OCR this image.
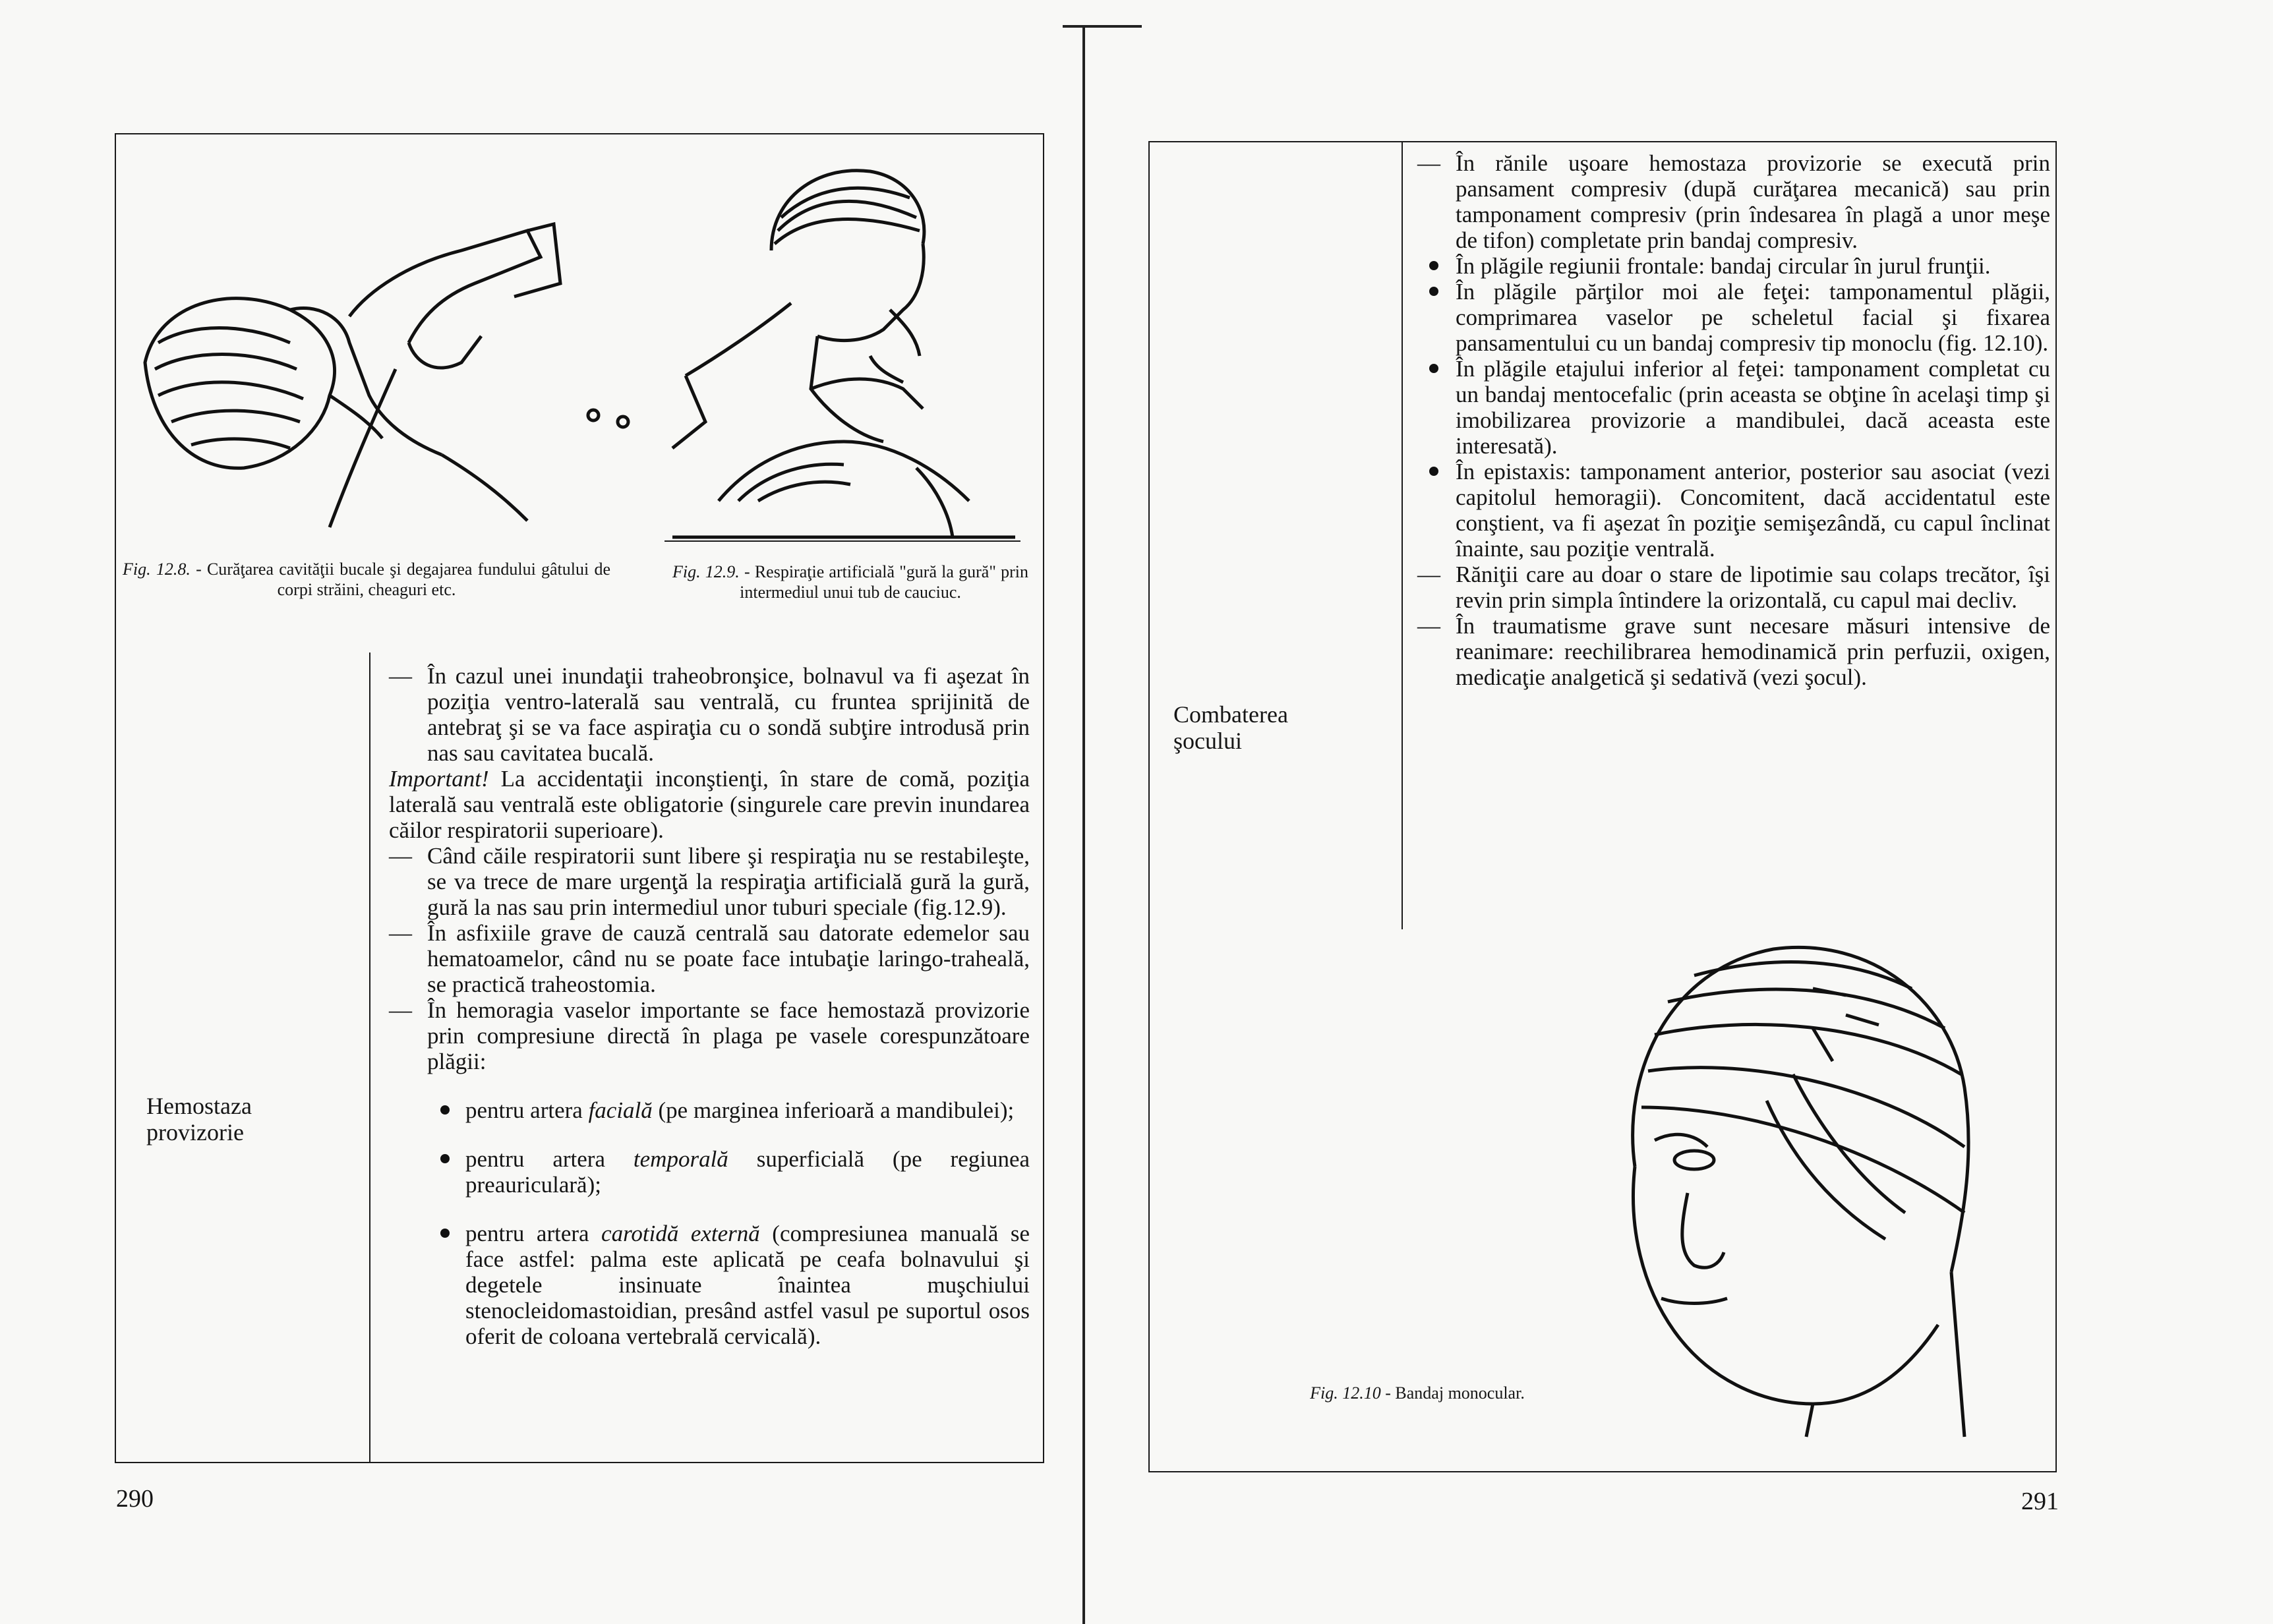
Fig. 12.8. - Curăţarea cavităţii bucale şi degajarea fundului gâtului de corpi străini, cheaguri etc.
Fig. 12.9. - Respiraţie artificială "gură la gură" prin intermediul unui tub de cauciuc.
Hemostaza provizorie

— În cazul unei inundaţii traheobronşice, bolnavul va fi aşezat în poziţia ventro-laterală sau ventrală, cu fruntea sprijinită de antebraţ şi se va face aspiraţia cu o sondă subţire introdusă prin nas sau cavitatea bucală.

Important! La accidentaţii inconştienţi, în stare de comă, poziţia laterală sau ventrală este obligatorie (singurele care previn inundarea căilor respiratorii superioare).

— Când căile respiratorii sunt libere şi respiraţia nu se restabileşte, se va trece de mare urgenţă la respiraţia artificială gură la gură, gură la nas sau prin intermediul unor tuburi speciale (fig.12.9).

— În asfixiile grave de cauză centrală sau datorate edemelor sau hematoamelor, când nu se poate face intubaţie laringo-traheală, se practică traheostomia.

— În hemoragia vaselor importante se face hemostază provizorie prin compresiune directă în plaga pe vasele corespunzătoare plăgii:

pentru artera facială (pe marginea inferioară a mandibulei);

pentru artera temporală superficială (pe regiunea preauriculară);

pentru artera carotidă externă (compresiunea manuală se face astfel: palma este aplicată pe ceafa bolnavului şi degetele insinuate înaintea muşchiului stenocleidomastoidian, presând astfel vasul pe suportul osos oferit de coloana vertebrală cervicală).

290
Combaterea şocului

— În rănile uşoare hemostaza provizorie se execută prin pansament compresiv (după curăţarea mecanică) sau prin tamponament compresiv (prin îndesarea în plagă a unor meşe de tifon) completate prin bandaj compresiv.

În plăgile regiunii frontale: bandaj circular în jurul frunţii.

În plăgile părţilor moi ale feţei: tamponamentul plăgii, comprimarea vaselor pe scheletul facial şi fixarea pansamentului cu un bandaj compresiv tip monoclu (fig. 12.10).

În plăgile etajului inferior al feţei: tamponament completat cu un bandaj mentocefalic (prin aceasta se obţine în acelaşi timp şi imobilizarea provizorie a mandibulei, dacă aceasta este interesată).

În epistaxis: tamponament anterior, posterior sau asociat (vezi capitolul hemoragii). Concomitent, dacă accidentatul este conştient, va fi aşezat în poziţie semişezândă, cu capul înclinat înainte, sau poziţie ventrală.

— Răniţii care au doar o stare de lipotimie sau colaps trecător, îşi revin prin simpla întindere la orizontală, cu capul mai decliv.

— În traumatisme grave sunt necesare măsuri intensive de reanimare: reechilibrarea hemodinamică prin perfuzii, oxigen, medicaţie analgetică şi sedativă (vezi şocul).

Fig. 12.10 - Bandaj monocular.
291
